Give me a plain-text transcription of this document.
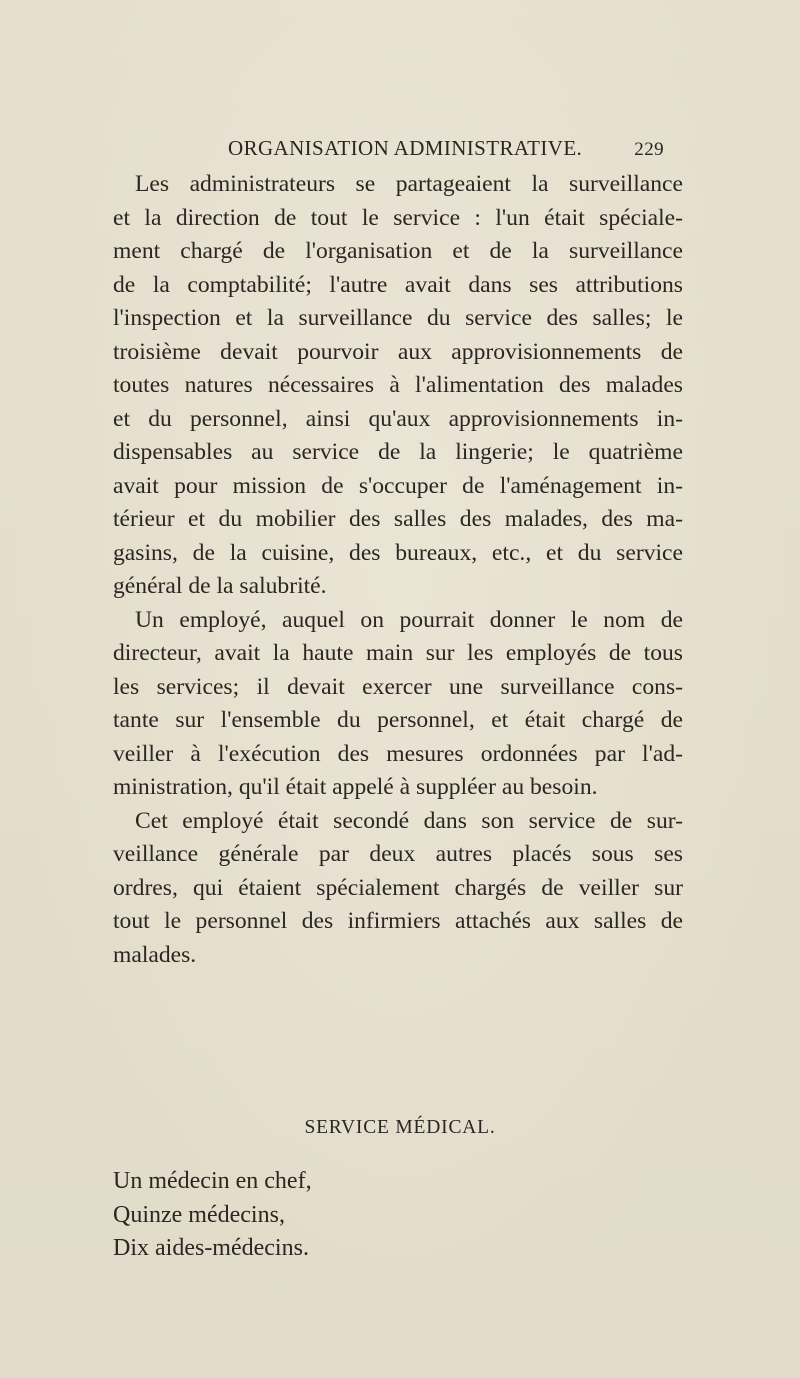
ORGANISATION ADMINISTRATIVE.	229
Les administrateurs se partageaient la surveillance
et la direction de tout le service : l'un était spéciale-
ment chargé de l'organisation et de la surveillance
de la comptabilité; l'autre avait dans ses attributions
l'inspection et la surveillance du service des salles; le
troisième devait pourvoir aux approvisionnements de
toutes natures nécessaires à l'alimentation des malades
et du personnel, ainsi qu'aux approvisionnements in-
dispensables au service de la lingerie; le quatrième
avait pour mission de s'occuper de l'aménagement in-
térieur et du mobilier des salles des malades, des ma-
gasins, de la cuisine, des bureaux, etc., et du service
général de la salubrité.
Un employé, auquel on pourrait donner le nom de
directeur, avait la haute main sur les employés de tous
les services; il devait exercer une surveillance cons-
tante sur l'ensemble du personnel, et était chargé de
veiller à l'exécution des mesures ordonnées par l'ad-
ministration, qu'il était appelé à suppléer au besoin.
Cet employé était secondé dans son service de sur-
veillance générale par deux autres placés sous ses
ordres, qui étaient spécialement chargés de veiller sur
tout le personnel des infirmiers attachés aux salles de
malades.
SERVICE MÉDICAL.
Un médecin en chef,
Quinze médecins,
Dix aides-médecins.
